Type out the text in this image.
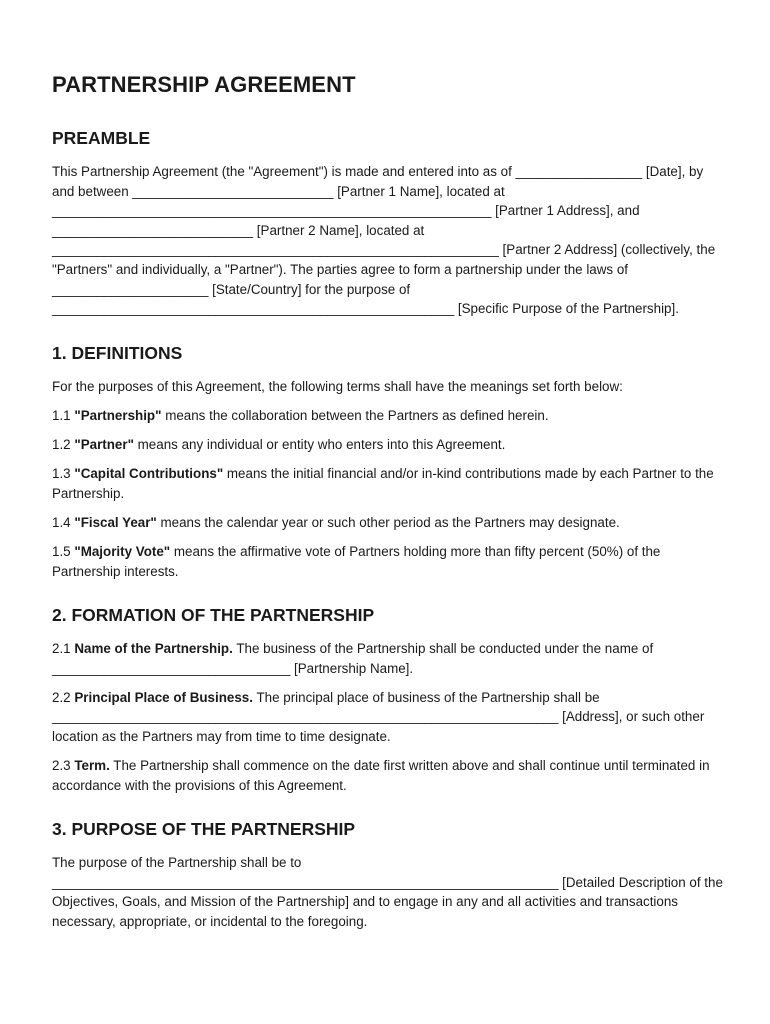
PARTNERSHIP AGREEMENT
PREAMBLE

This Partnership Agreement (the "Agreement") is made and entered into as of _________________ [Date], by and between ___________________________ [Partner 1 Name], located at ___________________________________________________________ [Partner 1 Address], and ___________________________ [Partner 2 Name], located at ____________________________________________________________ [Partner 2 Address] (collectively, the "Partners" and individually, a "Partner"). The parties agree to form a partnership under the laws of _____________________ [State/Country] for the purpose of ______________________________________________________ [Specific Purpose of the Partnership].

1. DEFINITIONS

For the purposes of this Agreement, the following terms shall have the meanings set forth below:

1.1 "Partnership" means the collaboration between the Partners as defined herein.

1.2 "Partner" means any individual or entity who enters into this Agreement.

1.3 "Capital Contributions" means the initial financial and/or in-kind contributions made by each Partner to the Partnership.

1.4 "Fiscal Year" means the calendar year or such other period as the Partners may designate.

1.5 "Majority Vote" means the affirmative vote of Partners holding more than fifty percent (50%) of the Partnership interests.

2. FORMATION OF THE PARTNERSHIP

2.1 Name of the Partnership. The business of the Partnership shall be conducted under the name of ________________________________ [Partnership Name].

2.2 Principal Place of Business. The principal place of business of the Partnership shall be ____________________________________________________________________ [Address], or such other location as the Partners may from time to time designate.

2.3 Term. The Partnership shall commence on the date first written above and shall continue until terminated in accordance with the provisions of this Agreement.

3. PURPOSE OF THE PARTNERSHIP

The purpose of the Partnership shall be to ____________________________________________________________________ [Detailed Description of the Objectives, Goals, and Mission of the Partnership] and to engage in any and all activities and transactions necessary, appropriate, or incidental to the foregoing.
